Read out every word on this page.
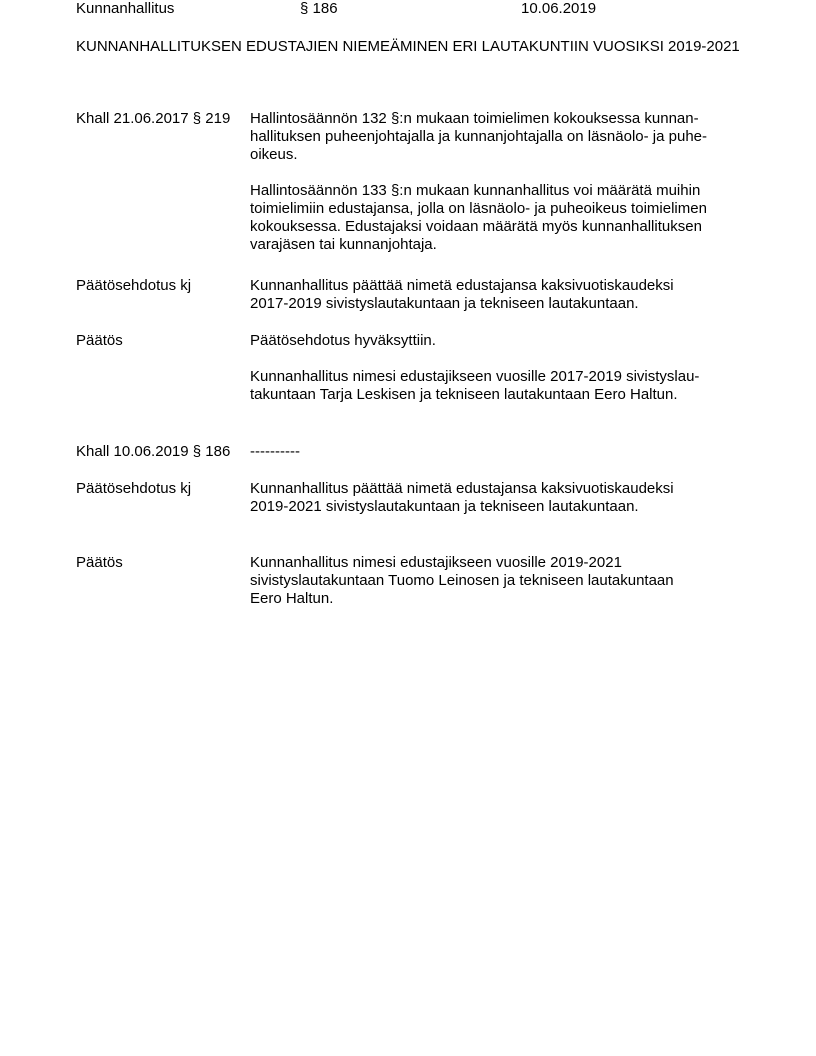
Kunnanhallitus	§ 186	10.06.2019
KUNNANHALLITUKSEN EDUSTAJIEN NIEMEÄMINEN ERI LAUTAKUNTIIN VUOSIKSI 2019-2021
Khall 21.06.2017 § 219	Hallintosäännön 132 §:n mukaan toimielimen kokouksessa kunnan-
hallituksen puheenjohtajalla ja kunnanjohtajalla on läsnäolo- ja puhe-
oikeus.

Hallintosäännön 133 §:n mukaan kunnanhallitus voi määrätä muihin
toimielimiin edustajansa, jolla on läsnäolo- ja puheoikeus toimielimen
kokouksessa. Edustajaksi voidaan määrätä myös kunnanhallituksen
varajäsen tai kunnanjohtaja.

Päätösehdotus kj	Kunnanhallitus päättää nimetä edustajansa kaksivuotiskaudeksi
2017-2019 sivistyslautakuntaan ja tekniseen lautakuntaan.
Päätös	Päätösehdotus hyväksyttiin.

Kunnanhallitus nimesi edustajikseen vuosille 2017-2019 sivistyslau-
takuntaan Tarja Leskisen ja tekniseen lautakuntaan Eero Haltun.

Khall 10.06.2019 § 186	----------
Päätösehdotus kj	Kunnanhallitus päättää nimetä edustajansa kaksivuotiskaudeksi
2019-2021 sivistyslautakuntaan ja tekniseen lautakuntaan.
Päätös	Kunnanhallitus nimesi edustajikseen vuosille 2019-2021
sivistyslautakuntaan Tuomo Leinosen ja tekniseen lautakuntaan
Eero Haltun.
